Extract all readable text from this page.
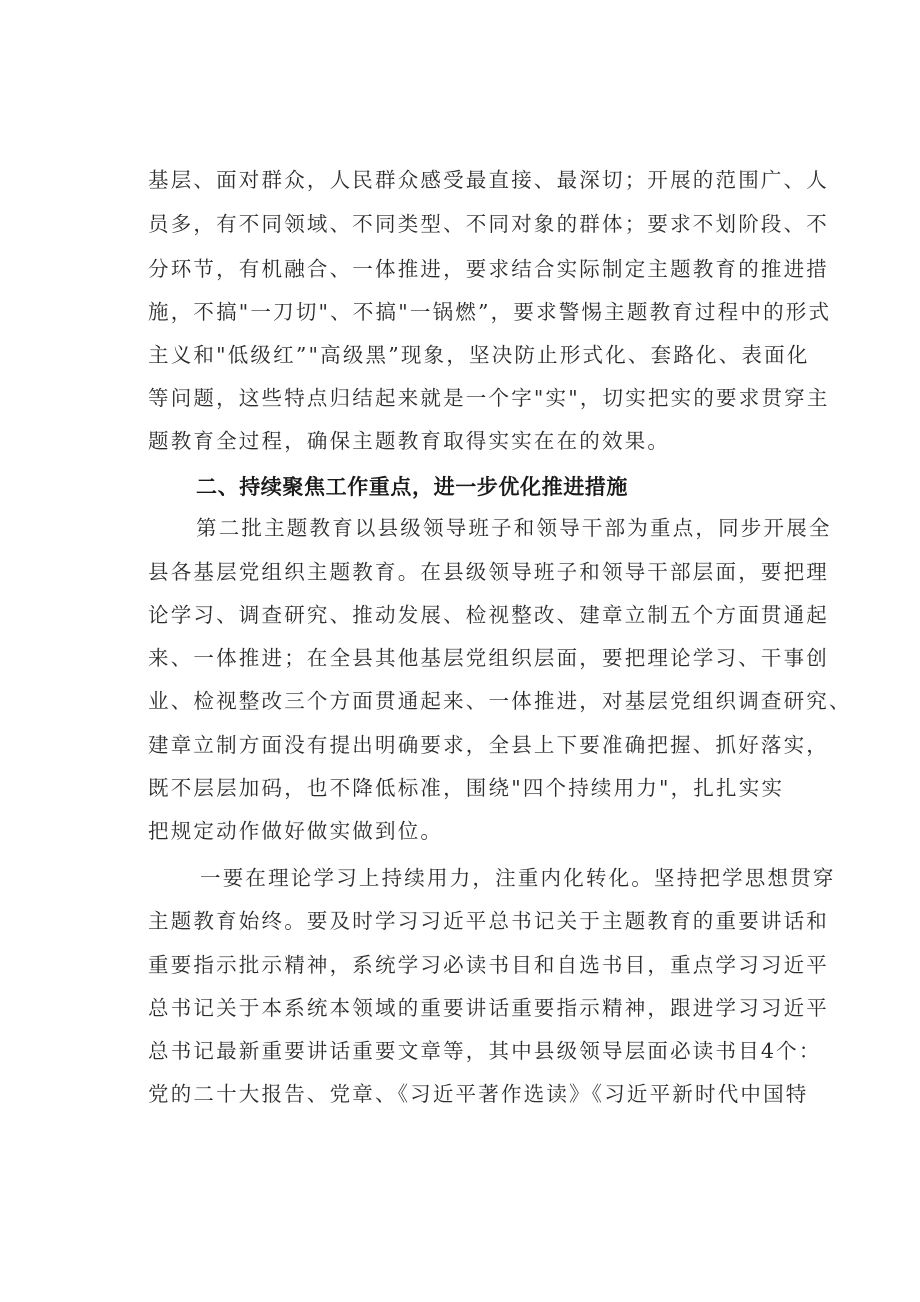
基层、面对群众，人民群众感受最直接、最深切；开展的范围广、人
员多，有不同领域、不同类型、不同对象的群体；要求不划阶段、不
分环节，有机融合、一体推进，要求结合实际制定主题教育的推进措
施，不搞"一刀切"、不搞"一锅燃”，要求警惕主题教育过程中的形式
主义和"低级红”"高级黑”现象，坚决防止形式化、套路化、表面化
等问题，这些特点归结起来就是一个字"实"，切实把实的要求贯穿主
题教育全过程，确保主题教育取得实实在在的效果。
二、持续聚焦工作重点，进一步优化推进措施
第二批主题教育以县级领导班子和领导干部为重点，同步开展全
县各基层党组织主题教育。在县级领导班子和领导干部层面，要把理
论学习、调查研究、推动发展、检视整改、建章立制五个方面贯通起
来、一体推进；在全县其他基层党组织层面，要把理论学习、干事创
业、检视整改三个方面贯通起来、一体推进，对基层党组织调查研究、
建章立制方面没有提出明确要求，全县上下要准确把握、抓好落实，
既不层层加码，也不降低标准，围绕"四个持续用力"，扎扎实实
把规定动作做好做实做到位。
一要在理论学习上持续用力，注重内化转化。坚持把学思想贯穿
主题教育始终。要及时学习习近平总书记关于主题教育的重要讲话和
重要指示批示精神，系统学习必读书目和自选书目，重点学习习近平
总书记关于本系统本领域的重要讲话重要指示精神，跟进学习习近平
总书记最新重要讲话重要文章等，其中县级领导层面必读书目4个：
党的二十大报告、党章、《习近平著作选读》《习近平新时代中国特
